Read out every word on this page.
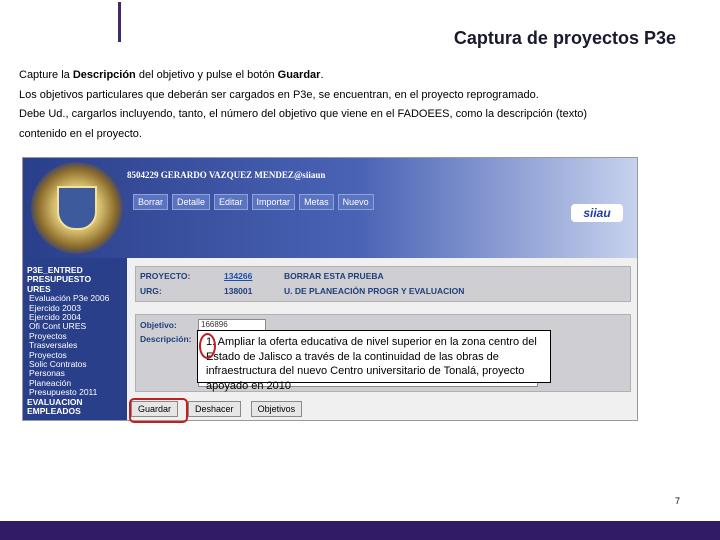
Captura de proyectos P3e

Capture la Descripción del objetivo y pulse el botón Guardar.

Los objetivos particulares que deberán ser cargados en P3e, se encuentran, en el proyecto reprogramado.

Debe Ud., cargarlos incluyendo, tanto, el número del objetivo que viene en el FADOEES, como la descripción (texto)

contenido en el proyecto.

8504229 GERARDO VAZQUEZ MENDEZ@siiaun
Borrar	Detalle	Editar	Importar	Metas	Nuevo
siiau
P3E_ENTRED
PRESUPUESTO
URES
Evaluación P3e 2006
Ejercido 2003
Ejercido 2004
Ofi Cont URES
Proyectos
Trasversales
Proyectos
Solic Contratos
Personas
Planeación
Presupuesto 2011
EVALUACION
EMPLEADOS
PROYECTO:	134266	BORRAR ESTA PRUEBA
URG:	138001	U. DE PLANEACIÓN PROGR Y EVALUACION
Objetivo:	166896
Descripción:
Guardar	Deshacer	Objetivos
1. Ampliar la oferta educativa de nivel superior en la zona centro del Estado de Jalisco a través de la continuidad de las obras de infraestructura del nuevo Centro universitario de Tonalá, proyecto apoyado en 2010
7
